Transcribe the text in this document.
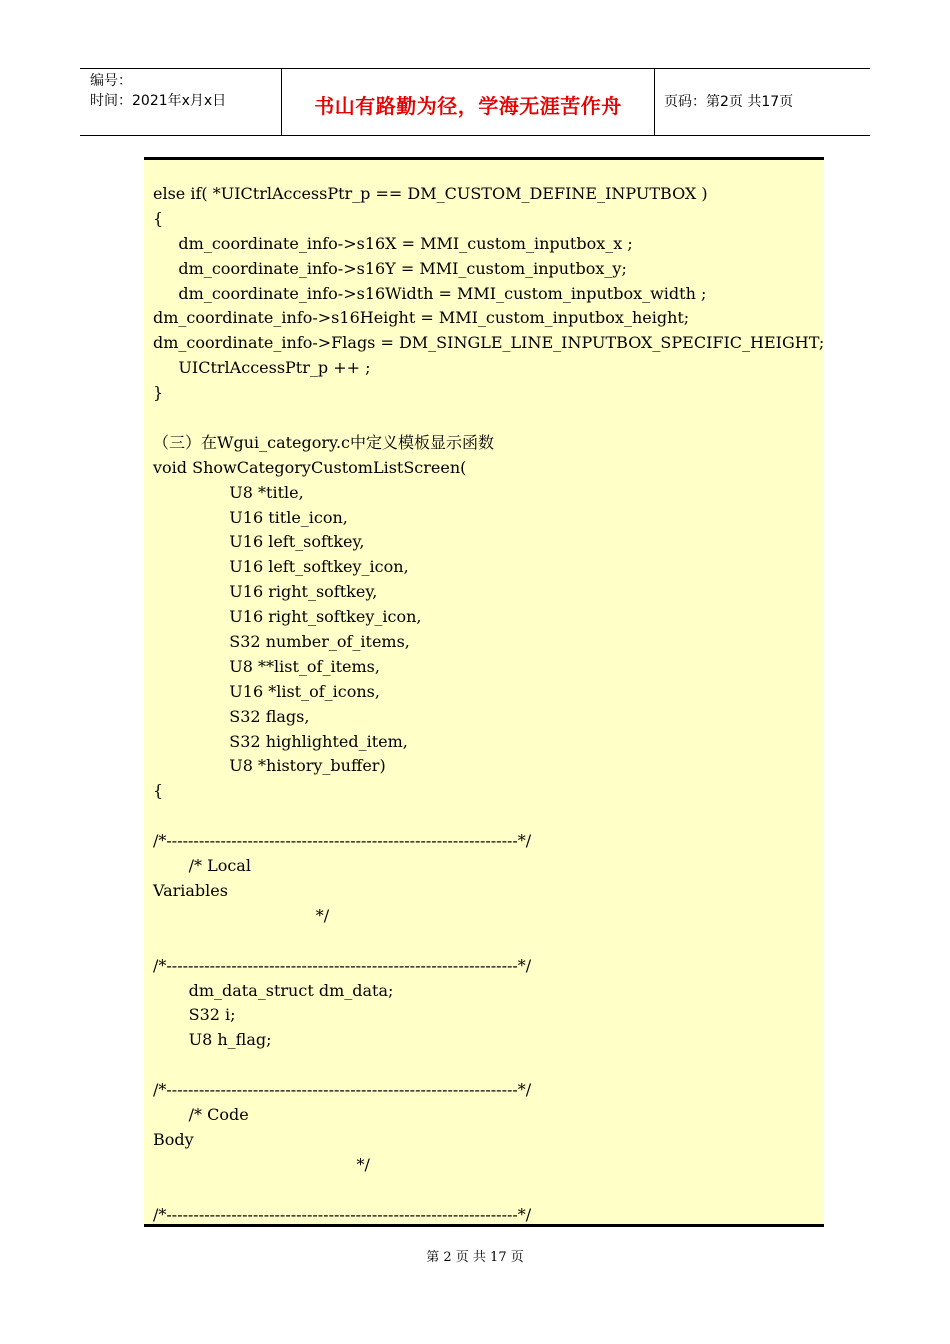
编号：
时间：2021年x月x日	书山有路勤为径，学海无涯苦作舟	页码：第2页 共17页
else if( *UICtrlAccessPtr_p == DM_CUSTOM_DEFINE_INPUTBOX )
{
dm_coordinate_info->s16X = MMI_custom_inputbox_x ;
dm_coordinate_info->s16Y = MMI_custom_inputbox_y;
dm_coordinate_info->s16Width = MMI_custom_inputbox_width ;
dm_coordinate_info->s16Height = MMI_custom_inputbox_height;
dm_coordinate_info->Flags = DM_SINGLE_LINE_INPUTBOX_SPECIFIC_HEIGHT;
UICtrlAccessPtr_p ++ ;
}
（三）在Wgui_category.c中定义模板显示函数
void ShowCategoryCustomListScreen(
U8 *title,
U16 title_icon,
U16 left_softkey,
U16 left_softkey_icon,
U16 right_softkey,
U16 right_softkey_icon,
S32 number_of_items,
U8 **list_of_items,
U16 *list_of_icons,
S32 flags,
S32 highlighted_item,
U8 *history_buffer)
{
/*-----------------------------------------------------------------*/
/* Local
Variables
*/
/*-----------------------------------------------------------------*/
dm_data_struct dm_data;
S32 i;
U8 h_flag;
/*-----------------------------------------------------------------*/
/* Code
Body
*/
/*-----------------------------------------------------------------*/
第 2 页 共 17 页
